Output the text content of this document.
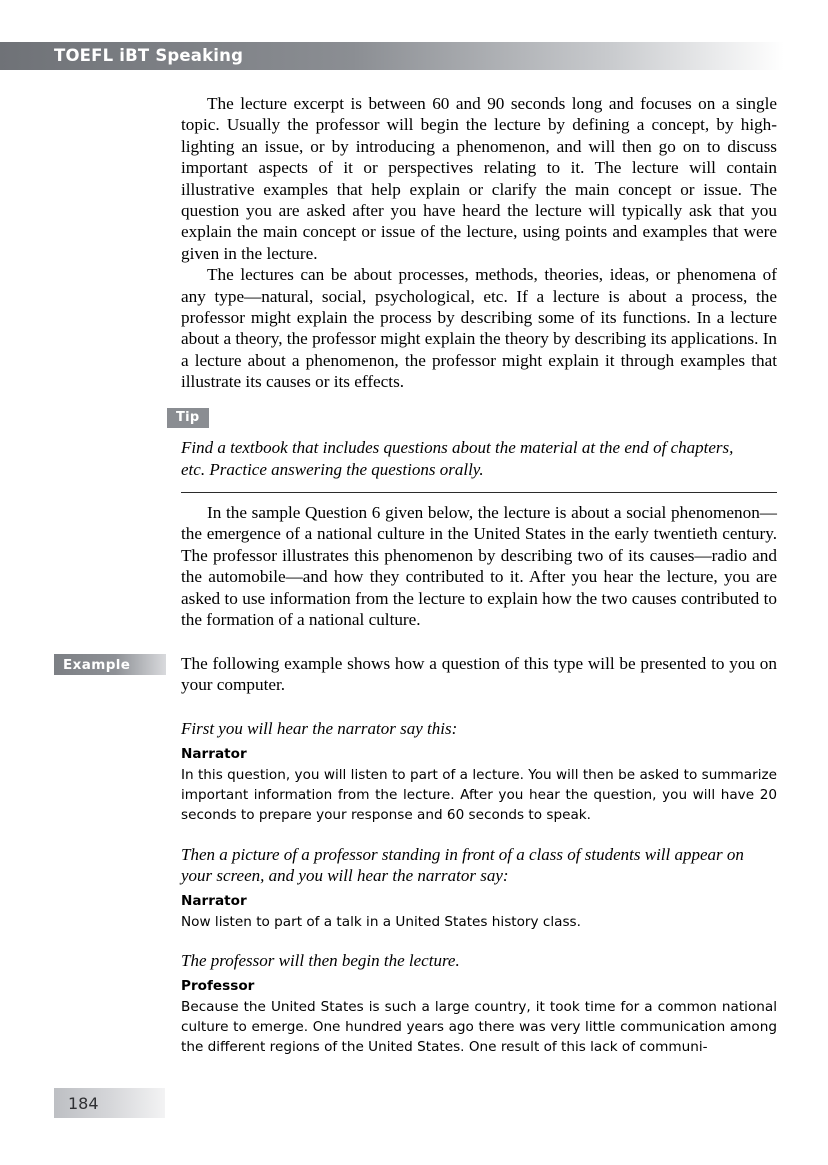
TOEFL iBT Speaking

The lecture excerpt is between 60 and 90 seconds long and focuses on a single topic. Usually the professor will begin the lecture by defining a concept, by high-lighting an issue, or by introducing a phenomenon, and will then go on to discuss important aspects of it or perspectives relating to it. The lecture will contain illustrative examples that help explain or clarify the main concept or issue. The question you are asked after you have heard the lecture will typically ask that you explain the main concept or issue of the lecture, using points and examples that were given in the lecture.

The lectures can be about processes, methods, theories, ideas, or phenomena of any type—natural, social, psychological, etc. If a lecture is about a process, the professor might explain the process by describing some of its functions. In a lecture about a theory, the professor might explain the theory by describing its applications. In a lecture about a phenomenon, the professor might explain it through examples that illustrate its causes or its effects.

Tip
Find a textbook that includes questions about the material at the end of chapters, etc. Practice answering the questions orally.

In the sample Question 6 given below, the lecture is about a social phenomenon—the emergence of a national culture in the United States in the early twentieth century. The professor illustrates this phenomenon by describing two of its causes—radio and the automobile—and how they contributed to it. After you hear the lecture, you are asked to use information from the lecture to explain how the two causes contributed to the formation of a national culture.

Example	The following example shows how a question of this type will be presented to you on your computer.

First you will hear the narrator say this:

Narrator

In this question, you will listen to part of a lecture. You will then be asked to summarize important information from the lecture. After you hear the question, you will have 20 seconds to prepare your response and 60 seconds to speak.

Then a picture of a professor standing in front of a class of students will appear on your screen, and you will hear the narrator say:

Narrator

Now listen to part of a talk in a United States history class.

The professor will then begin the lecture.

Professor

Because the United States is such a large country, it took time for a common national culture to emerge. One hundred years ago there was very little communication among the different regions of the United States. One result of this lack of communi-

184
